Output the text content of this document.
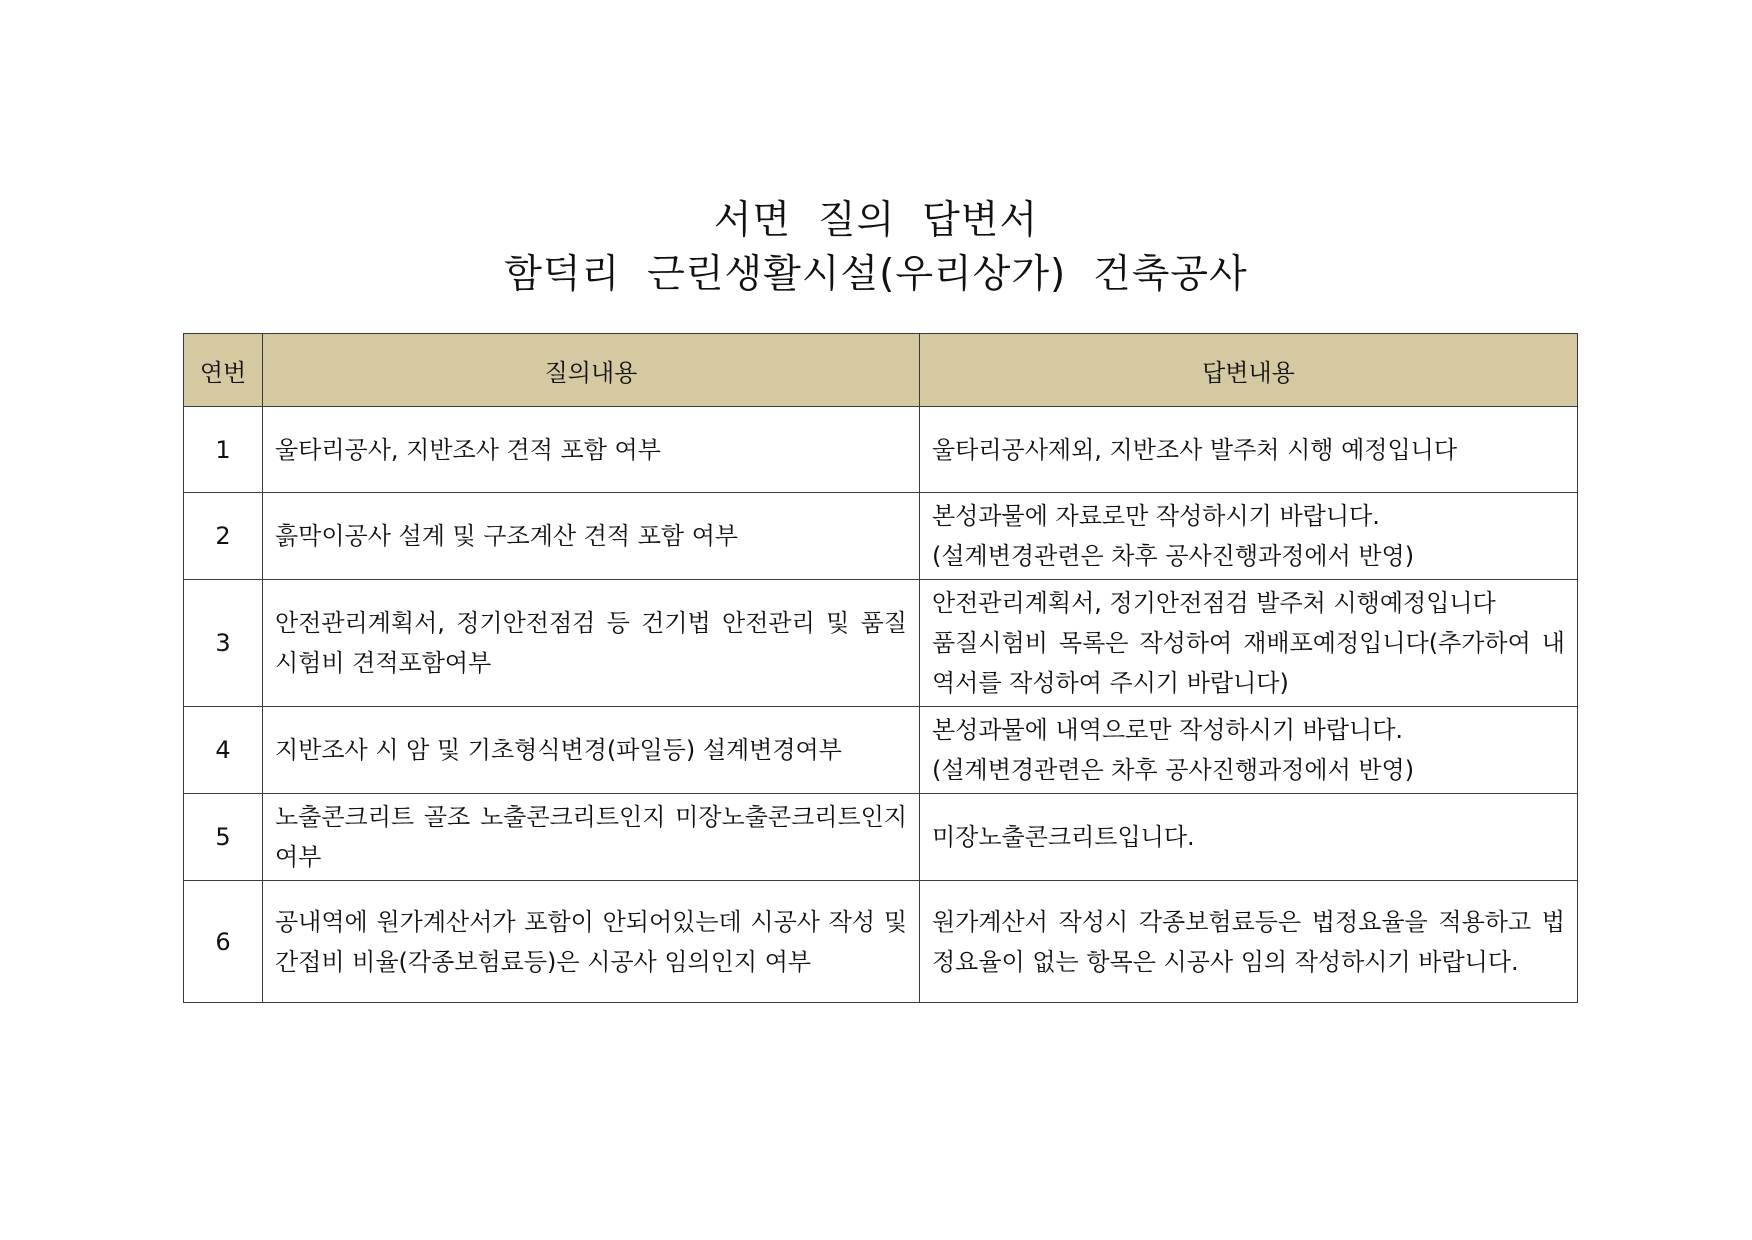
서면  질의  답변서
함덕리  근린생활시설(우리상가)  건축공사
연번	질의내용	답변내용
1	울타리공사, 지반조사 견적 포함 여부	울타리공사제외, 지반조사 발주처 시행 예정입니다

2	흙막이공사 설계 및 구조계산 견적 포함 여부	본성과물에 자료로만 작성하시기 바랍니다.
(설계변경관련은 차후 공사진행과정에서 반영)

3	안전관리계획서, 정기안전점검 등 건기법 안전관리 및 품질시험비 견적포함여부	안전관리계획서, 정기안전점검 발주처 시행예정입니다
품질시험비 목록은 작성하여 재배포예정입니다(추가하여 내역서를 작성하여 주시기 바랍니다)

4	지반조사 시 암 및 기초형식변경(파일등) 설계변경여부	본성과물에 내역으로만 작성하시기 바랍니다.
(설계변경관련은 차후 공사진행과정에서 반영)

5	노출콘크리트 골조 노출콘크리트인지 미장노출콘크리트인지여부	미장노출콘크리트입니다.

6	공내역에 원가계산서가 포함이 안되어있는데 시공사 작성 및 간접비 비율(각종보험료등)은 시공사 임의인지 여부	원가계산서 작성시 각종보험료등은 법정요율을 적용하고 법정요율이 없는 항목은 시공사 임의 작성하시기 바랍니다.
